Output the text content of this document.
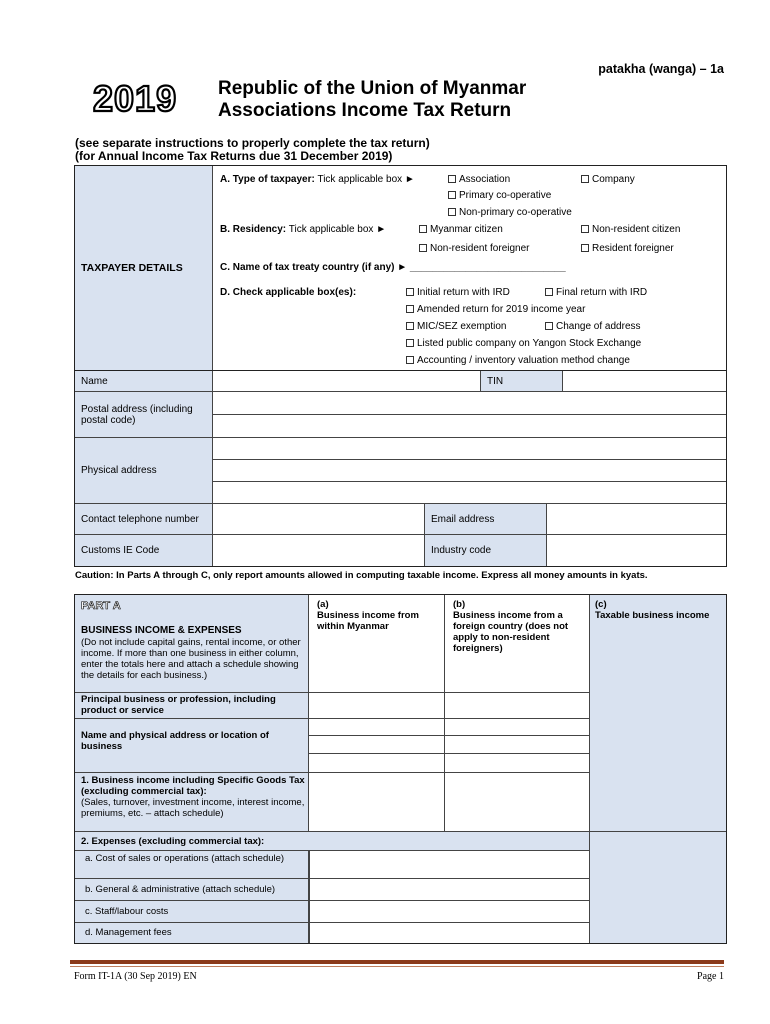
patakha (wanga) – 1a
2019 Republic of the Union of Myanmar
Associations Income Tax Return
(see separate instructions to properly complete the tax return)
(for Annual Income Tax Returns due 31 December 2019)
TAXPAYER DETAILS
A. Type of taxpayer: Tick applicable box ►	Association	Company
Primary co-operative
Non-primary co-operative
B. Residency: Tick applicable box ►	Myanmar citizen	Non-resident citizen
Non-resident foreigner	Resident foreigner
C. Name of tax treaty country (if any) ► ____________________________
D. Check applicable box(es):	Initial return with IRD	Final return with IRD
Amended return for 2019 income year
MIC/SEZ exemption	Change of address
Listed public company on Yangon Stock Exchange
Accounting / inventory valuation method change
Name	TIN
Postal address (including postal code)
Physical address
Contact telephone number	Email address
Customs IE Code	Industry code
Caution: In Parts A through C, only report amounts allowed in computing taxable income. Express all money amounts in kyats.
PART A
BUSINESS INCOME & EXPENSES
(Do not include capital gains, rental income, or other income. If more than one business in either column, enter the totals here and attach a schedule showing the details for each business.)
(a)
Business income from within Myanmar
(b)
Business income from a foreign country (does not apply to non-resident foreigners)
(c)
Taxable business income
Principal business or profession, including product or service
Name and physical address or location of business
1. Business income including Specific Goods Tax (excluding commercial tax):
(Sales, turnover, investment income, interest income, premiums, etc. – attach schedule)
2. Expenses (excluding commercial tax):
a. Cost of sales or operations (attach schedule)
b. General & administrative (attach schedule)
c. Staff/labour costs
d. Management fees
Form IT-1A (30 Sep 2019) EN	Page 1
